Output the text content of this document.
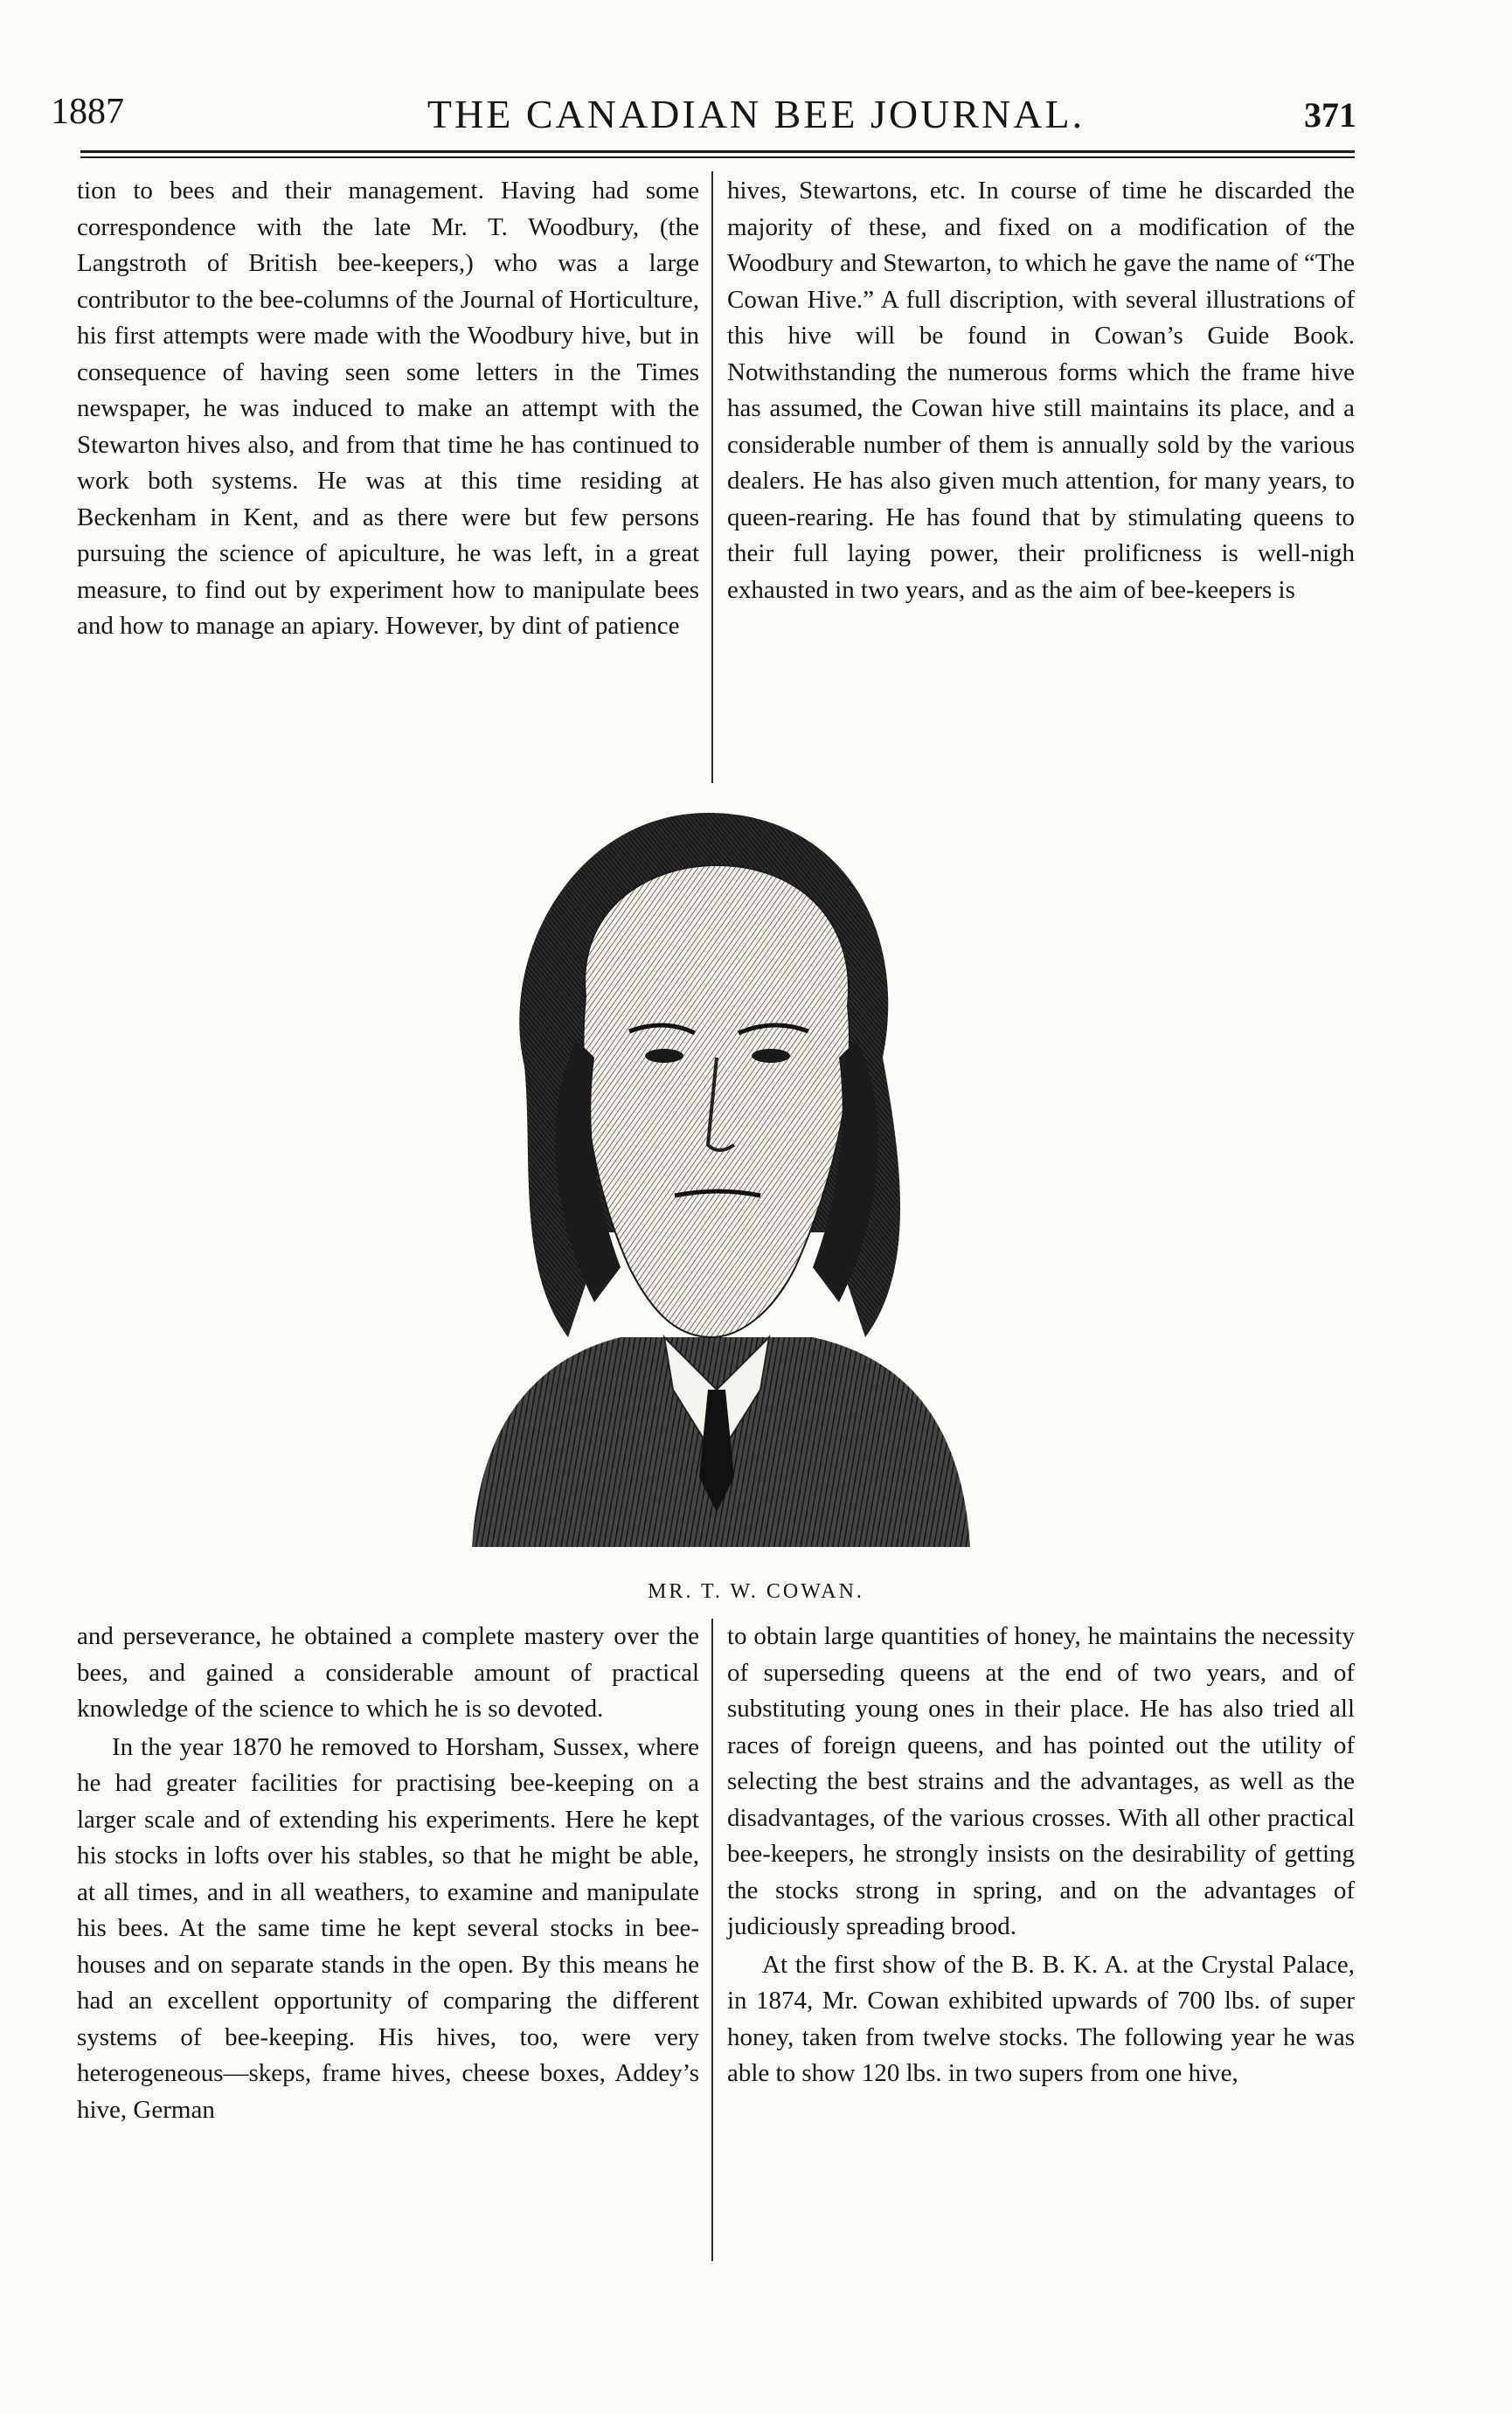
1887	THE CANADIAN BEE JOURNAL.	371

tion to bees and their management. Having had some correspondence with the late Mr. T. Woodbury, (the Langstroth of British bee-keepers,) who was a large contributor to the bee-columns of the Journal of Horticulture, his first attempts were made with the Woodbury hive, but in consequence of having seen some letters in the Times newspaper, he was induced to make an attempt with the Stewarton hives also, and from that time he has continued to work both systems. He was at this time residing at Beckenham in Kent, and as there were but few persons pursuing the science of apiculture, he was left, in a great measure, to find out by experiment how to manipulate bees and how to manage an apiary. However, by dint of patience

hives, Stewartons, etc. In course of time he discarded the majority of these, and fixed on a modification of the Woodbury and Stewarton, to which he gave the name of “The Cowan Hive.” A full discription, with several illustrations of this hive will be found in Cowan’s Guide Book. Notwithstanding the numerous forms which the frame hive has assumed, the Cowan hive still maintains its place, and a considerable number of them is annually sold by the various dealers. He has also given much attention, for many years, to queen-rearing. He has found that by stimulating queens to their full laying power, their prolificness is well-nigh exhausted in two years, and as the aim of bee-keepers is

MR. T. W. COWAN.

and perseverance, he obtained a complete mastery over the bees, and gained a considerable amount of practical knowledge of the science to which he is so devoted.

In the year 1870 he removed to Horsham, Sussex, where he had greater facilities for practising bee-keeping on a larger scale and of extending his experiments. Here he kept his stocks in lofts over his stables, so that he might be able, at all times, and in all weathers, to examine and manipulate his bees. At the same time he kept several stocks in bee-houses and on separate stands in the open. By this means he had an excellent opportunity of comparing the different systems of bee-keeping. His hives, too, were very heterogeneous—skeps, frame hives, cheese boxes, Addey’s hive, German

to obtain large quantities of honey, he maintains the necessity of superseding queens at the end of two years, and of substituting young ones in their place. He has also tried all races of foreign queens, and has pointed out the utility of selecting the best strains and the advantages, as well as the disadvantages, of the various crosses. With all other practical bee-keepers, he strongly insists on the desirability of getting the stocks strong in spring, and on the advantages of judiciously spreading brood.

At the first show of the B. B. K. A. at the Crystal Palace, in 1874, Mr. Cowan exhibited upwards of 700 lbs. of super honey, taken from twelve stocks. The following year he was able to show 120 lbs. in two supers from one hive,
